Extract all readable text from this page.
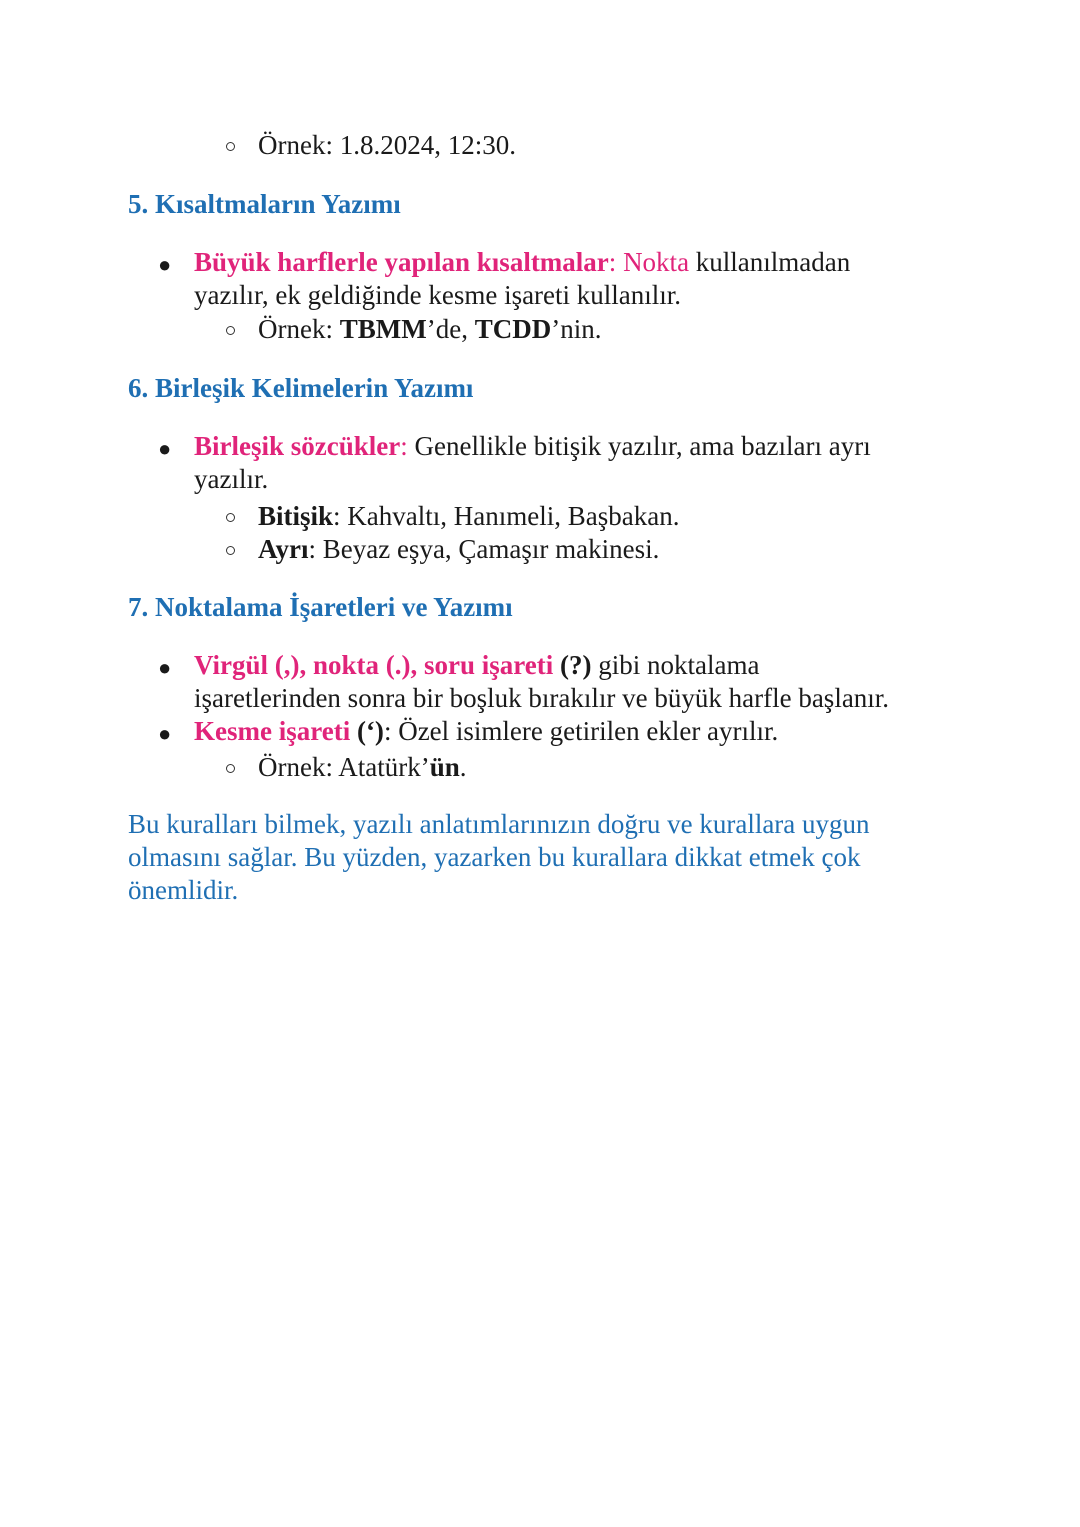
Örnek: 1.8.2024, 12:30.
5. Kısaltmaların Yazımı
● Büyük harflerle yapılan kısaltmalar: Nokta kullanılmadan
yazılır, ek geldiğinde kesme işareti kullanılır.
Örnek: TBMM’de, TCDD’nin.
6. Birleşik Kelimelerin Yazımı
● Birleşik sözcükler: Genellikle bitişik yazılır, ama bazıları ayrı
yazılır.
Bitişik: Kahvaltı, Hanımeli, Başbakan.
Ayrı: Beyaz eşya, Çamaşır makinesi.
7. Noktalama İşaretleri ve Yazımı
● Virgül (,), nokta (.), soru işareti (?) gibi noktalama
işaretlerinden sonra bir boşluk bırakılır ve büyük harfle başlanır.
● Kesme işareti (‘): Özel isimlere getirilen ekler ayrılır.
Örnek: Atatürk’ün.
Bu kuralları bilmek, yazılı anlatımlarınızın doğru ve kurallara uygun
olmasını sağlar. Bu yüzden, yazarken bu kurallara dikkat etmek çok
önemlidir.
